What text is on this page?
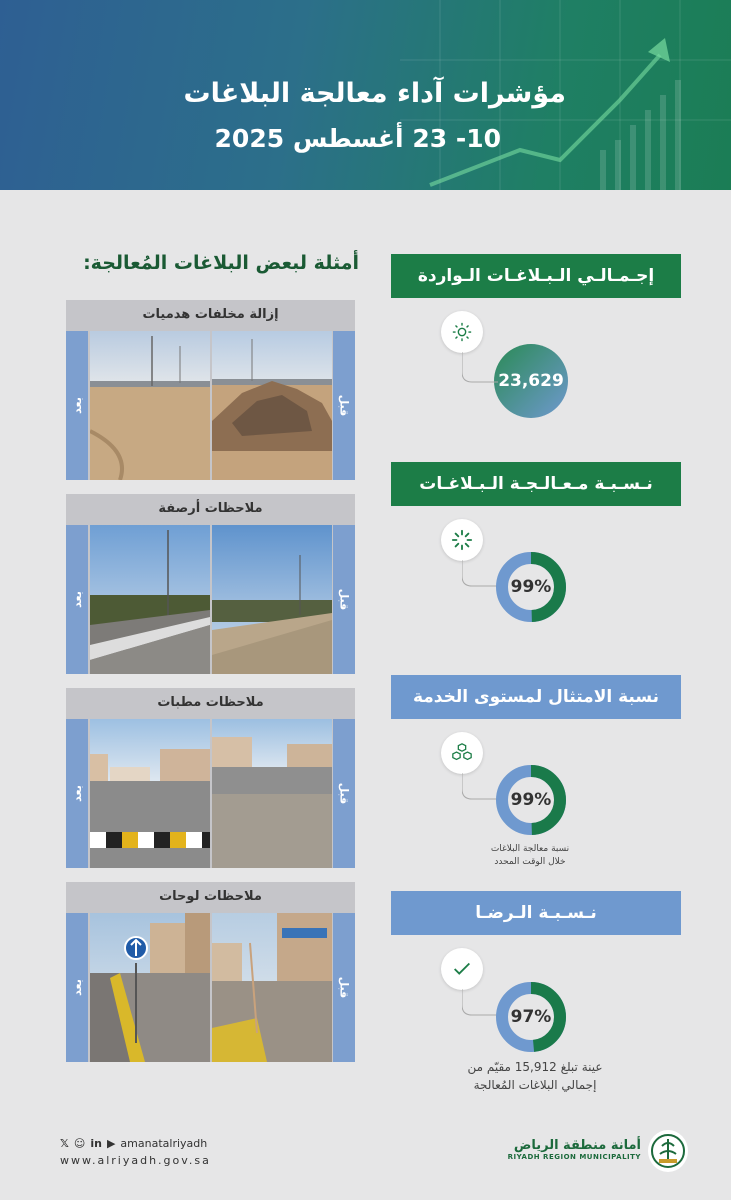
مؤشرات آداء معالجة البلاغات
10- 23 أغسطس 2025
أمثلة لبعض البلاغات المُعالجة:
إزالة مخلفات هدميات
بعد	قبل
ملاحظات أرصفة
بعد	قبل
ملاحظات مطبات
بعد	قبل
ملاحظات لوحات
بعد	قبل
إجـمـالـي الـبـلاغـات الـواردة
23,629
نـسـبـة مـعـالـجـة الـبـلاغـات
99%
نسبة الامتثال لمستوى الخدمة
99%
نسبة معالجة البلاغات
خلال الوقت المحدد
نـسـبـة الـرضـا
97%
عينة تبلغ 15,912 مقيّم من
إجمالي البلاغات المُعالجة
𝕏 ☺ in ▶ amanatalriyadh
www.alriyadh.gov.sa
أمانة منطقة الرياض
RIYADH REGION MUNICIPALITY
